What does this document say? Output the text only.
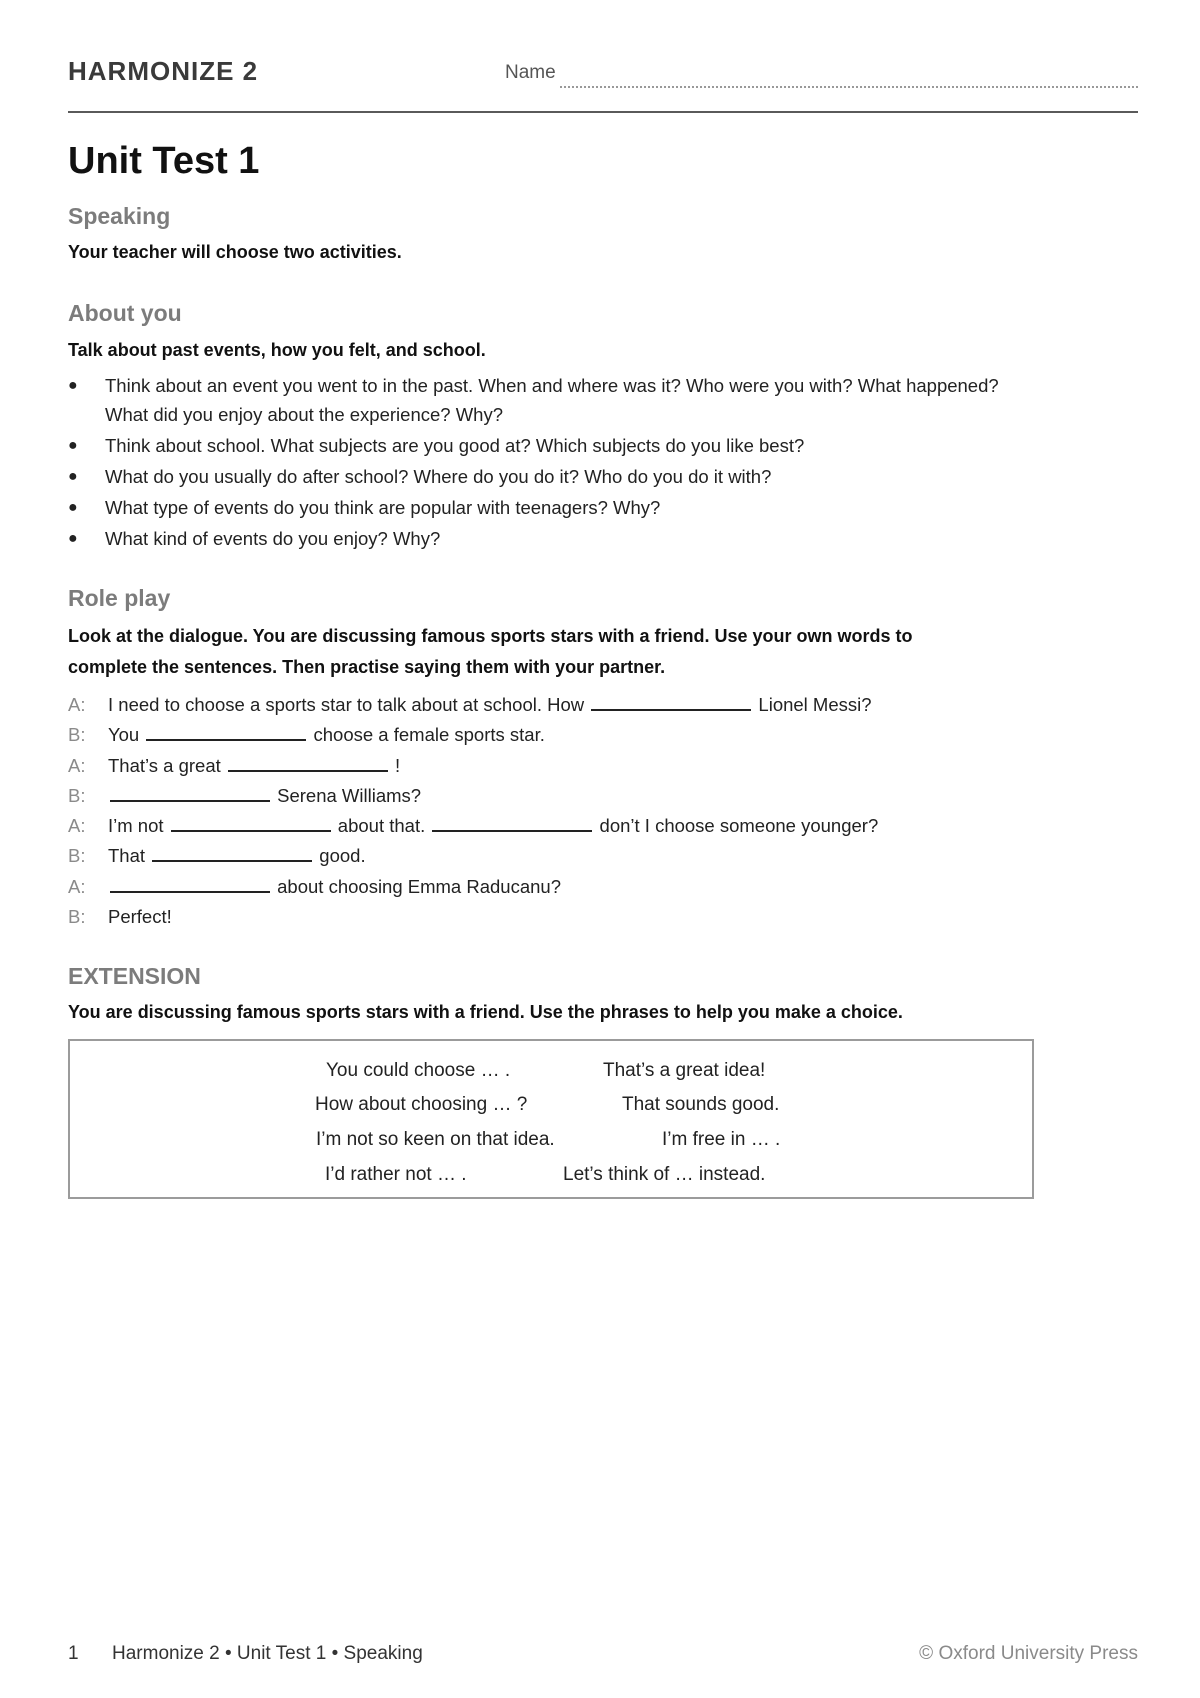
HARMONIZE 2	Name
Unit Test 1
Speaking
Your teacher will choose two activities.
About you
Talk about past events, how you felt, and school.
● Think about an event you went to in the past. When and where was it? Who were you with? What happened?
What did you enjoy about the experience? Why?
● Think about school. What subjects are you good at? Which subjects do you like best?
● What do you usually do after school? Where do you do it? Who do you do it with?
● What type of events do you think are popular with teenagers? Why?
● What kind of events do you enjoy? Why?
Role play
Look at the dialogue. You are discussing famous sports stars with a friend. Use your own words to
complete the sentences. Then practise saying them with your partner.
A: I need to choose a sports star to talk about at school. How	Lionel Messi?
B: You	choose a female sports star.
A: That’s a great	!
B:	Serena Williams?
A: I’m not	about that.	don’t I choose someone younger?
B: That	good.
A:	about choosing Emma Raducanu?
B: Perfect!
EXTENSION
You are discussing famous sports stars with a friend. Use the phrases to help you make a choice.
You could choose … .	That’s a great idea!
How about choosing … ?	That sounds good.
I’m not so keen on that idea.	I’m free in … .
I’d rather not … .	Let’s think of … instead.
1 Harmonize 2 • Unit Test 1 • Speaking	© Oxford University Press
